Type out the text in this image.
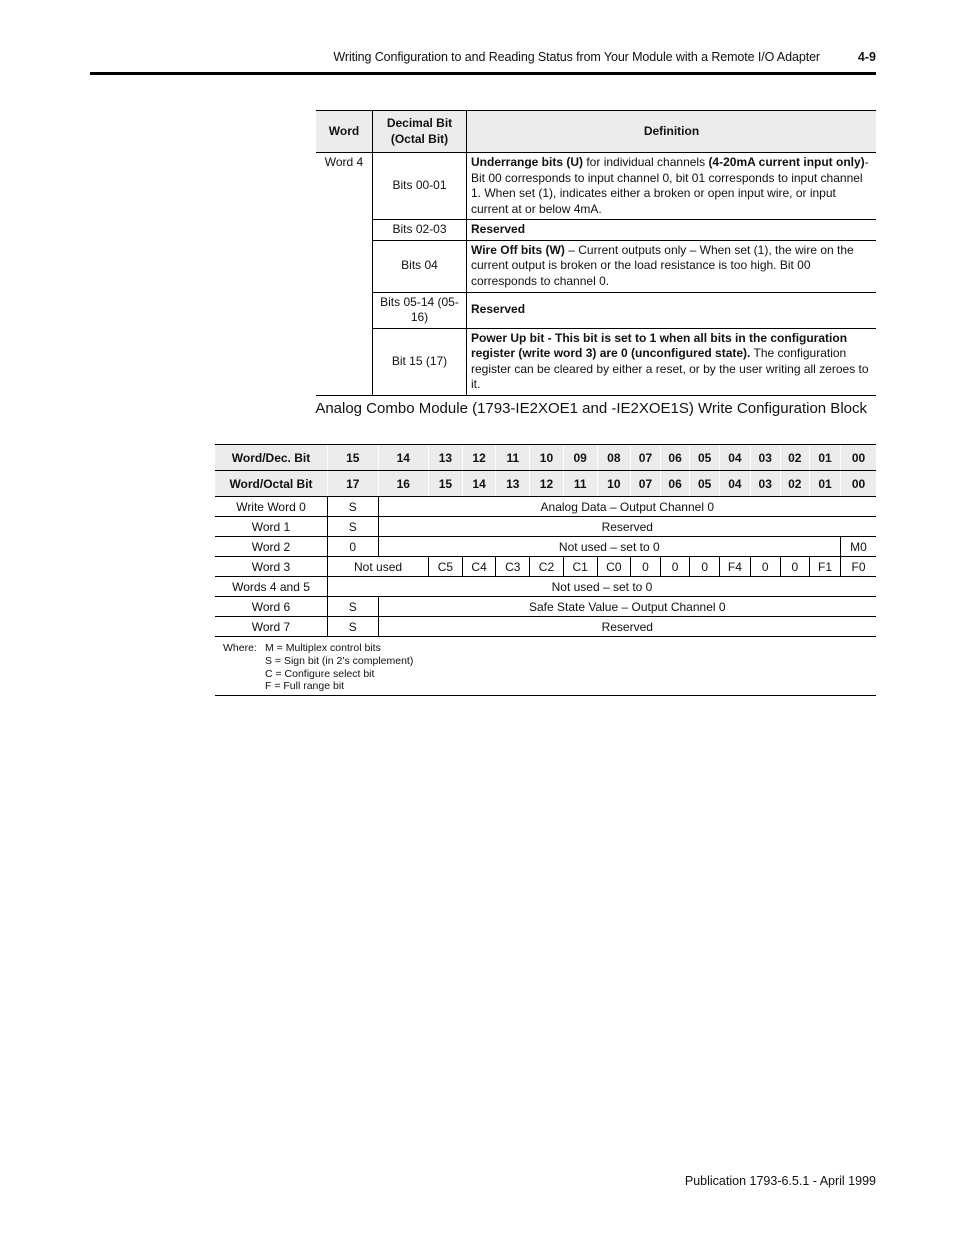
Writing Configuration to and Reading Status from Your Module with a Remote I/O Adapter	4-9
Word	Decimal Bit (Octal Bit)	Definition
Word 4	Bits 00-01	Underrange bits (U) for individual channels (4-20mA current input only)- Bit 00 corresponds to input channel 0, bit 01 corresponds to input channel 1. When set (1), indicates either a broken or open input wire, or input current at or below 4mA.
	Bits 02-03	Reserved
	Bits 04	Wire Off bits (W) – Current outputs only – When set (1), the wire on the current output is broken or the load resistance is too high. Bit 00 corresponds to channel 0.
	Bits 05-14 (05-16)	Reserved
	Bit 15 (17)	Power Up bit - This bit is set to 1 when all bits in the configuration register (write word 3) are 0 (unconfigured state). The configuration register can be cleared by either a reset, or by the user writing all zeroes to it.
Analog Combo Module (1793-IE2XOE1 and -IE2XOE1S) Write Configuration Block
Word/Dec. Bit	15	14	13	12	11	10	09	08	07	06	05	04	03	02	01	00
Word/Octal Bit	17	16	15	14	13	12	11	10	07	06	05	04	03	02	01	00
Write Word 0	S	Analog Data – Output Channel 0														
Word 1	S	Reserved														
Word 2	0	Not used – set to 0														M0
Word 3	Not used		C5	C4	C3	C2	C1	C0	0	0	0	F4	0	0	F1	F0
Words 4 and 5	Not used – set to 0															
Word 6	S	Safe State Value – Output Channel 0														
Word 7	S	Reserved														
Where: M = Multiplex control bits
S = Sign bit (in 2’s complement)
C = Configure select bit
F = Full range bit
Publication 1793-6.5.1 - April 1999
